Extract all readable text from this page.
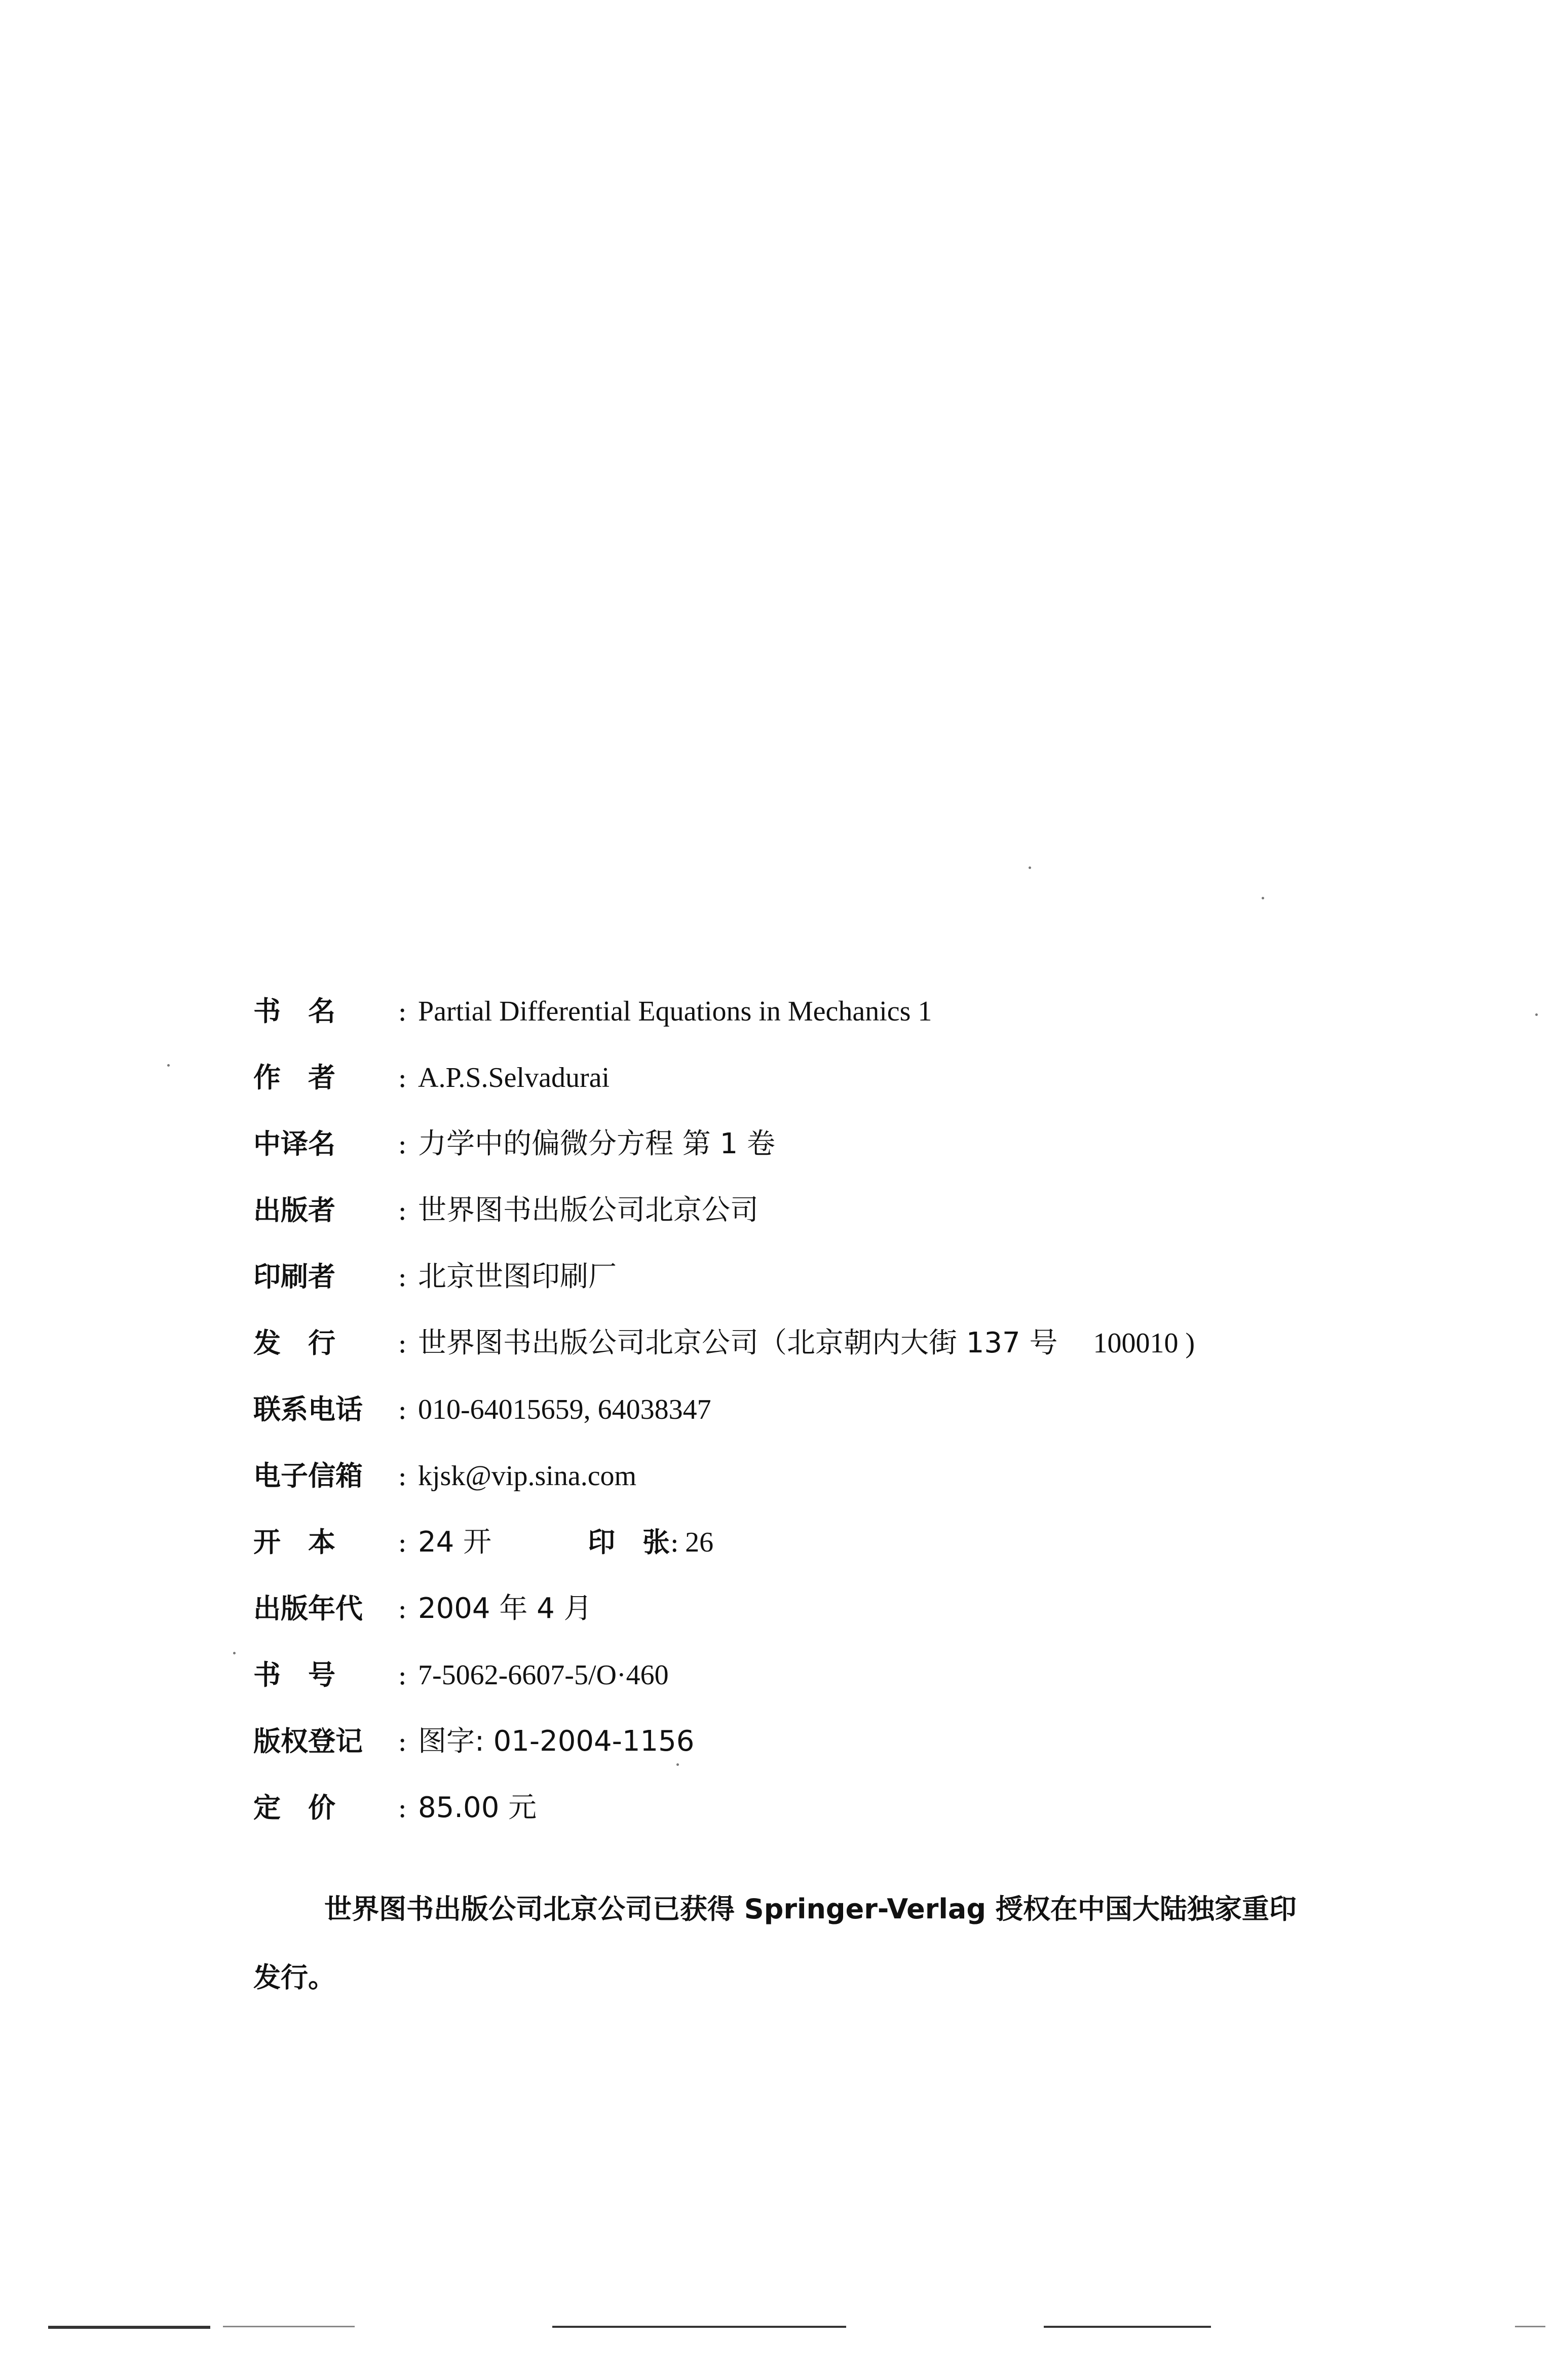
书　名	: Partial Differential Equations in Mechanics 1
作　者	: A.P.S.Selvadurai
中译名	: 力学中的偏微分方程 第 1 卷
出版者	: 世界图书出版公司北京公司
印刷者	: 北京世图印刷厂
发　行	: 世界图书出版公司北京公司（北京朝内大街 137 号 100010 )
联系电话	: 010-64015659, 64038347
电子信箱	: kjsk@vip.sina.com
开　本	: 24 开	印　张 : 26
出版年代	: 2004 年 4 月
书　号	: 7-5062-6607-5/O·460
版权登记	: 图字: 01-2004-1156
定　价	: 85.00 元
世界图书出版公司北京公司已获得 Springer-Verlag 授权在中国大陆独家重印发行。
